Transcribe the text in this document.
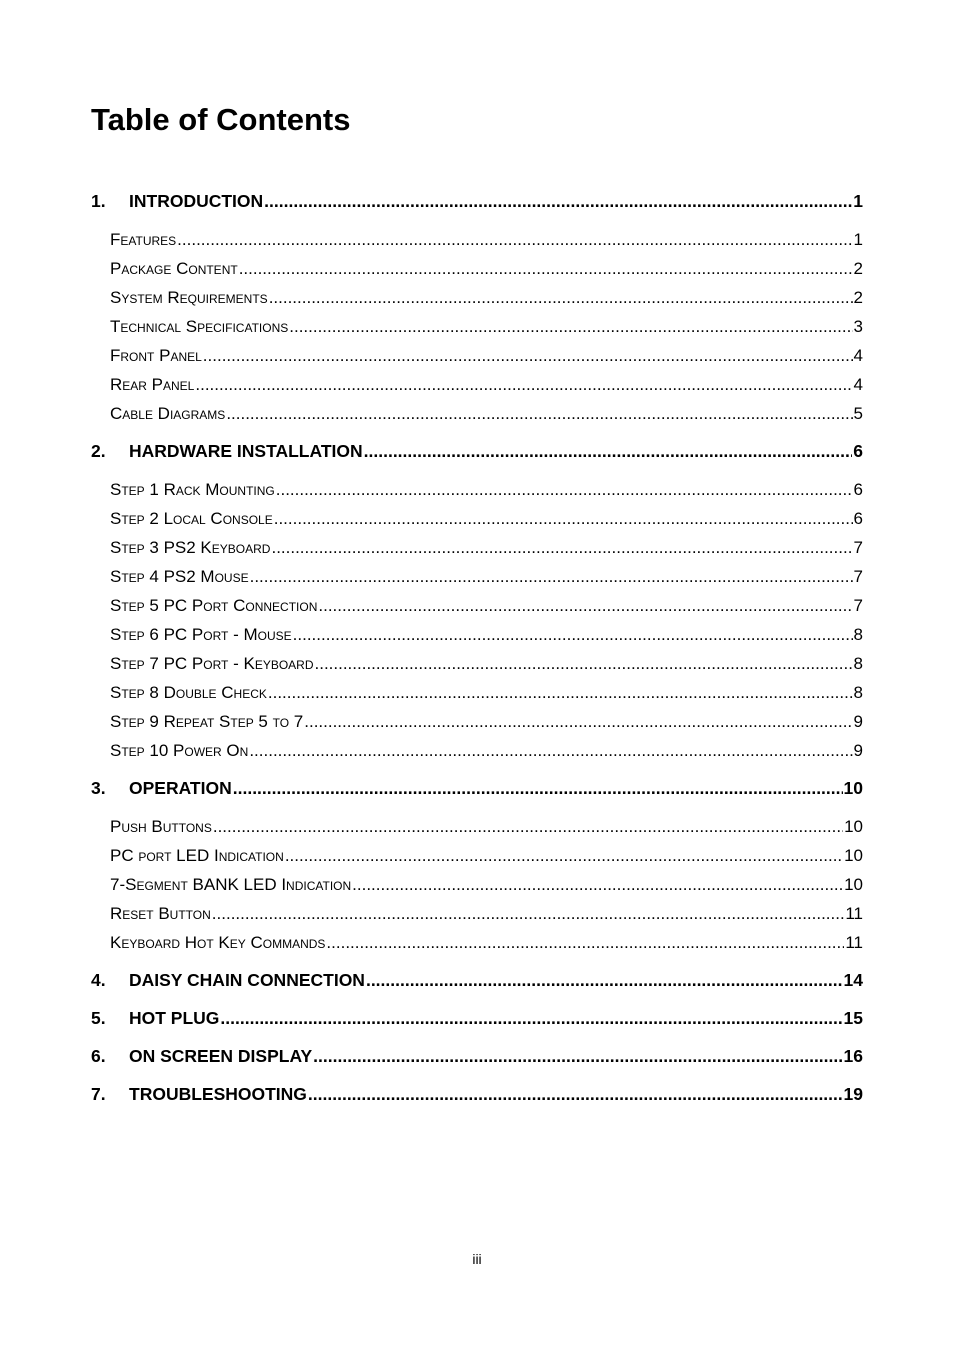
Table of Contents
1.	INTRODUCTION .....	1
Features .....	1
Package Content .....	2
System Requirements .....	2
Technical Specifications .....	3
Front Panel .....	4
Rear Panel .....	4
Cable Diagrams .....	5
2.	HARDWARE INSTALLATION .....	6
Step 1 Rack Mounting .....	6
Step 2 Local Console .....	6
Step 3 PS2 Keyboard .....	7
Step 4 PS2 Mouse .....	7
Step 5 PC Port Connection .....	7
Step 6 PC Port - Mouse .....	8
Step 7 PC Port - Keyboard .....	8
Step 8 Double Check .....	8
Step 9 Repeat Step 5 to 7 .....	9
Step 10 Power On .....	9
3.	OPERATION .....	10
Push Buttons .....	10
PC port LED Indication .....	10
7-Segment BANK LED Indication .....	10
Reset Button .....	11
Keyboard Hot Key Commands .....	11
4.	DAISY CHAIN CONNECTION .....	14
5.	HOT PLUG .....	15
6.	ON SCREEN DISPLAY .....	16
7.	TROUBLESHOOTING .....	19
iii
